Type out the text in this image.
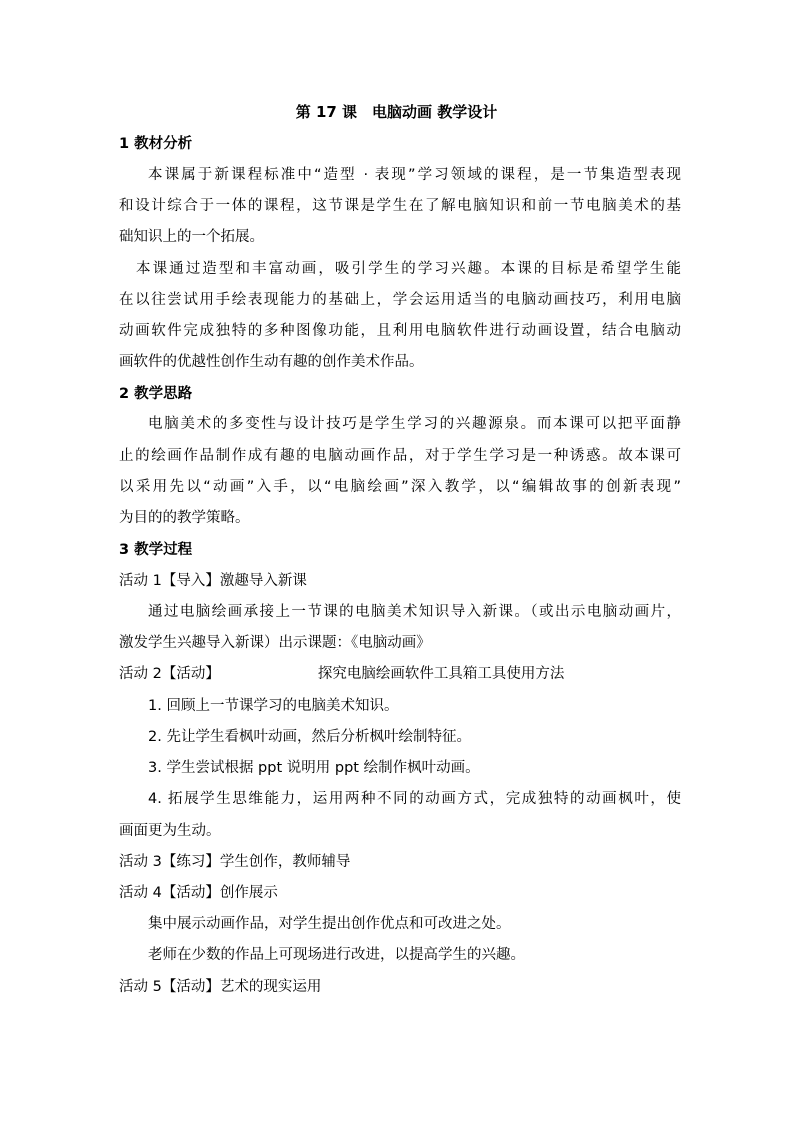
第 17 课　电脑动画 教学设计
1 教材分析
本课属于新课程标准中“造型 · 表现”学习领域的课程，是一节集造型表现
和设计综合于一体的课程，这节课是学生在了解电脑知识和前一节电脑美术的基
础知识上的一个拓展。
本课通过造型和丰富动画，吸引学生的学习兴趣。本课的目标是希望学生能
在以往尝试用手绘表现能力的基础上，学会运用适当的电脑动画技巧，利用电脑
动画软件完成独特的多种图像功能，且利用电脑软件进行动画设置，结合电脑动
画软件的优越性创作生动有趣的创作美术作品。
2 教学思路
电脑美术的多变性与设计技巧是学生学习的兴趣源泉。而本课可以把平面静
止的绘画作品制作成有趣的电脑动画作品，对于学生学习是一种诱惑。故本课可
以采用先以“动画”入手，以“电脑绘画”深入教学，以“编辑故事的创新表现”
为目的的教学策略。
3 教学过程
活动 1【导入】激趣导入新课
通过电脑绘画承接上一节课的电脑美术知识导入新课。（或出示电脑动画片，
激发学生兴趣导入新课）出示课题：《电脑动画》
活动 2【活动】	探究电脑绘画软件工具箱工具使用方法
1. 回顾上一节课学习的电脑美术知识。
2. 先让学生看枫叶动画，然后分析枫叶绘制特征。
3. 学生尝试根据 ppt 说明用 ppt 绘制作枫叶动画。
4. 拓展学生思维能力，运用两种不同的动画方式，完成独特的动画枫叶，使
画面更为生动。
活动 3【练习】学生创作，教师辅导
活动 4【活动】创作展示
集中展示动画作品，对学生提出创作优点和可改进之处。
老师在少数的作品上可现场进行改进，以提高学生的兴趣。
活动 5【活动】艺术的现实运用
